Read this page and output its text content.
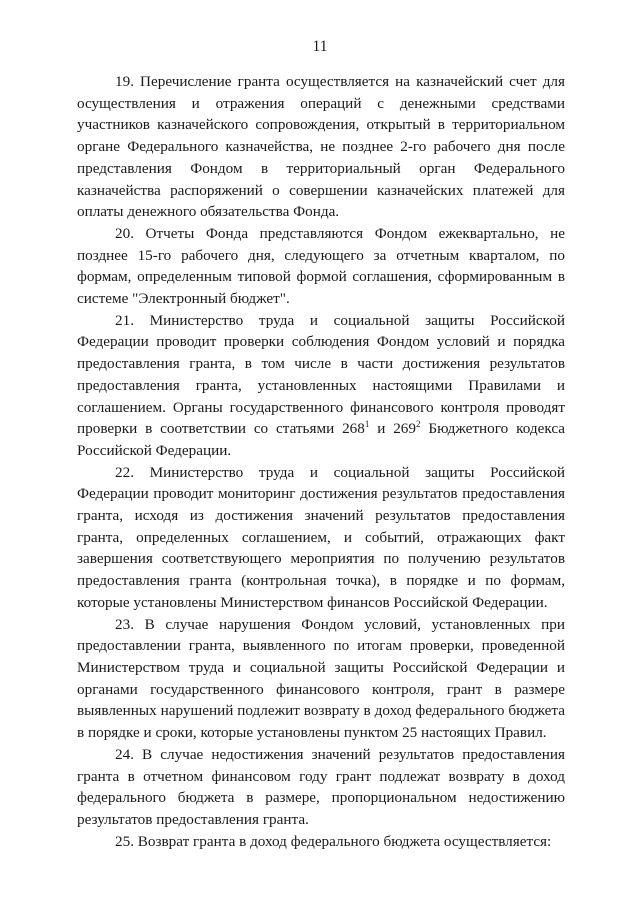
11

19. Перечисление гранта осуществляется на казначейский счет для осуществления и отражения операций с денежными средствами участников казначейского сопровождения, открытый в территориальном органе Федерального казначейства, не позднее 2-го рабочего дня после представления Фондом в территориальный орган Федерального казначейства распоряжений о совершении казначейских платежей для оплаты денежного обязательства Фонда.

20. Отчеты Фонда представляются Фондом ежеквартально, не позднее 15-го рабочего дня, следующего за отчетным кварталом, по формам, определенным типовой формой соглашения, сформированным в системе "Электронный бюджет".

21. Министерство труда и социальной защиты Российской Федерации проводит проверки соблюдения Фондом условий и порядка предоставления гранта, в том числе в части достижения результатов предоставления гранта, установленных настоящими Правилами и соглашением. Органы государственного финансового контроля проводят проверки в соответствии со статьями $268^1$ и $269^2$ Бюджетного кодекса Российской Федерации.

22. Министерство труда и социальной защиты Российской Федерации проводит мониторинг достижения результатов предоставления гранта, исходя из достижения значений результатов предоставления гранта, определенных соглашением, и событий, отражающих факт завершения соответствующего мероприятия по получению результатов предоставления гранта (контрольная точка), в порядке и по формам, которые установлены Министерством финансов Российской Федерации.

23. В случае нарушения Фондом условий, установленных при предоставлении гранта, выявленного по итогам проверки, проведенной Министерством труда и социальной защиты Российской Федерации и органами государственного финансового контроля, грант в размере выявленных нарушений подлежит возврату в доход федерального бюджета в порядке и сроки, которые установлены пунктом 25 настоящих Правил.

24. В случае недостижения значений результатов предоставления гранта в отчетном финансовом году грант подлежат возврату в доход федерального бюджета в размере, пропорциональном недостижению результатов предоставления гранта.

25. Возврат гранта в доход федерального бюджета осуществляется:
